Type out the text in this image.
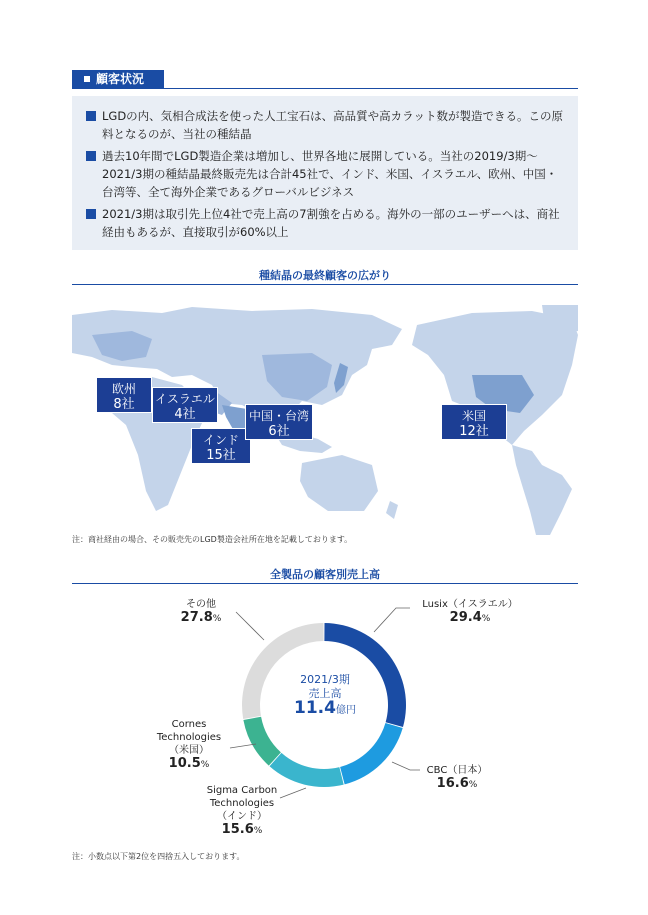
顧客状況
LGDの内、気相合成法を使った人工宝石は、高品質や高カラット数が製造できる。この原料となるのが、当社の種結晶
過去10年間でLGD製造企業は増加し、世界各地に展開している。当社の2019/3期～2021/3期の種結晶最終販売先は合計45社で、インド、米国、イスラエル、欧州、中国・台湾等、全て海外企業であるグローバルビジネス
2021/3期は取引先上位4社で売上高の7割強を占める。海外の一部のユーザーへは、商社経由もあるが、直接取引が60%以上
種結晶の最終顧客の広がり
欧州
8社	イスラエル
4社
インド
15社
中国・台湾
6社
米国
12社
注：商社経由の場合、その販売先のLGD製造会社所在地を記載しております。
全製品の顧客別売上高
2021/3期
売上高
11.4億円
Lusix（イスラエル）
29.4%
CBC（日本）
16.6%
Sigma Carbon
Technologies
（インド）
15.6%
Cornes
Technologies
（米国）
10.5%
その他
27.8%
注：小数点以下第2位を四捨五入しております。
